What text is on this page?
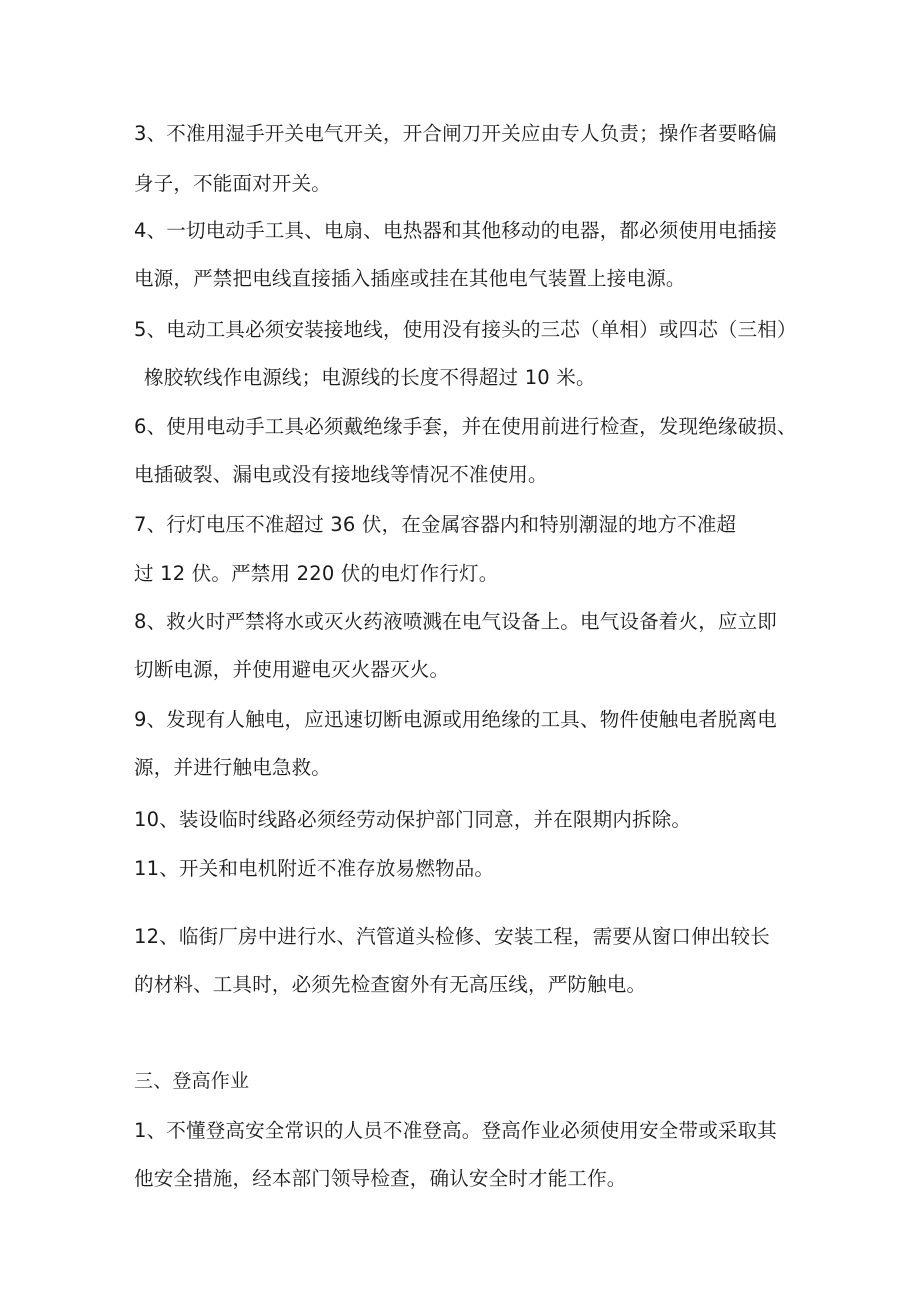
3、不准用湿手开关电气开关，开合闸刀开关应由专人负责；操作者要略偏
身子，不能面对开关。
4、一切电动手工具、电扇、电热器和其他移动的电器，都必须使用电插接
电源，严禁把电线直接插入插座或挂在其他电气装置上接电源。
5、电动工具必须安装接地线，使用没有接头的三芯（单相）或四芯（三相）
橡胶软线作电源线；电源线的长度不得超过 10 米。
6、使用电动手工具必须戴绝缘手套，并在使用前进行检查，发现绝缘破损、
电插破裂、漏电或没有接地线等情况不准使用。
7、行灯电压不准超过 36 伏，在金属容器内和特别潮湿的地方不准超
过 12 伏。严禁用 220 伏的电灯作行灯。
8、救火时严禁将水或灭火药液喷溅在电气设备上。电气设备着火，应立即
切断电源，并使用避电灭火器灭火。
9、发现有人触电，应迅速切断电源或用绝缘的工具、物件使触电者脱离电
源，并进行触电急救。
10、装设临时线路必须经劳动保护部门同意，并在限期内拆除。
11、开关和电机附近不准存放易燃物品。
12、临街厂房中进行水、汽管道头检修、安装工程，需要从窗口伸出较长
的材料、工具时，必须先检查窗外有无高压线，严防触电。
三、登高作业
1、不懂登高安全常识的人员不准登高。登高作业必须使用安全带或采取其
他安全措施，经本部门领导检查，确认安全时才能工作。
